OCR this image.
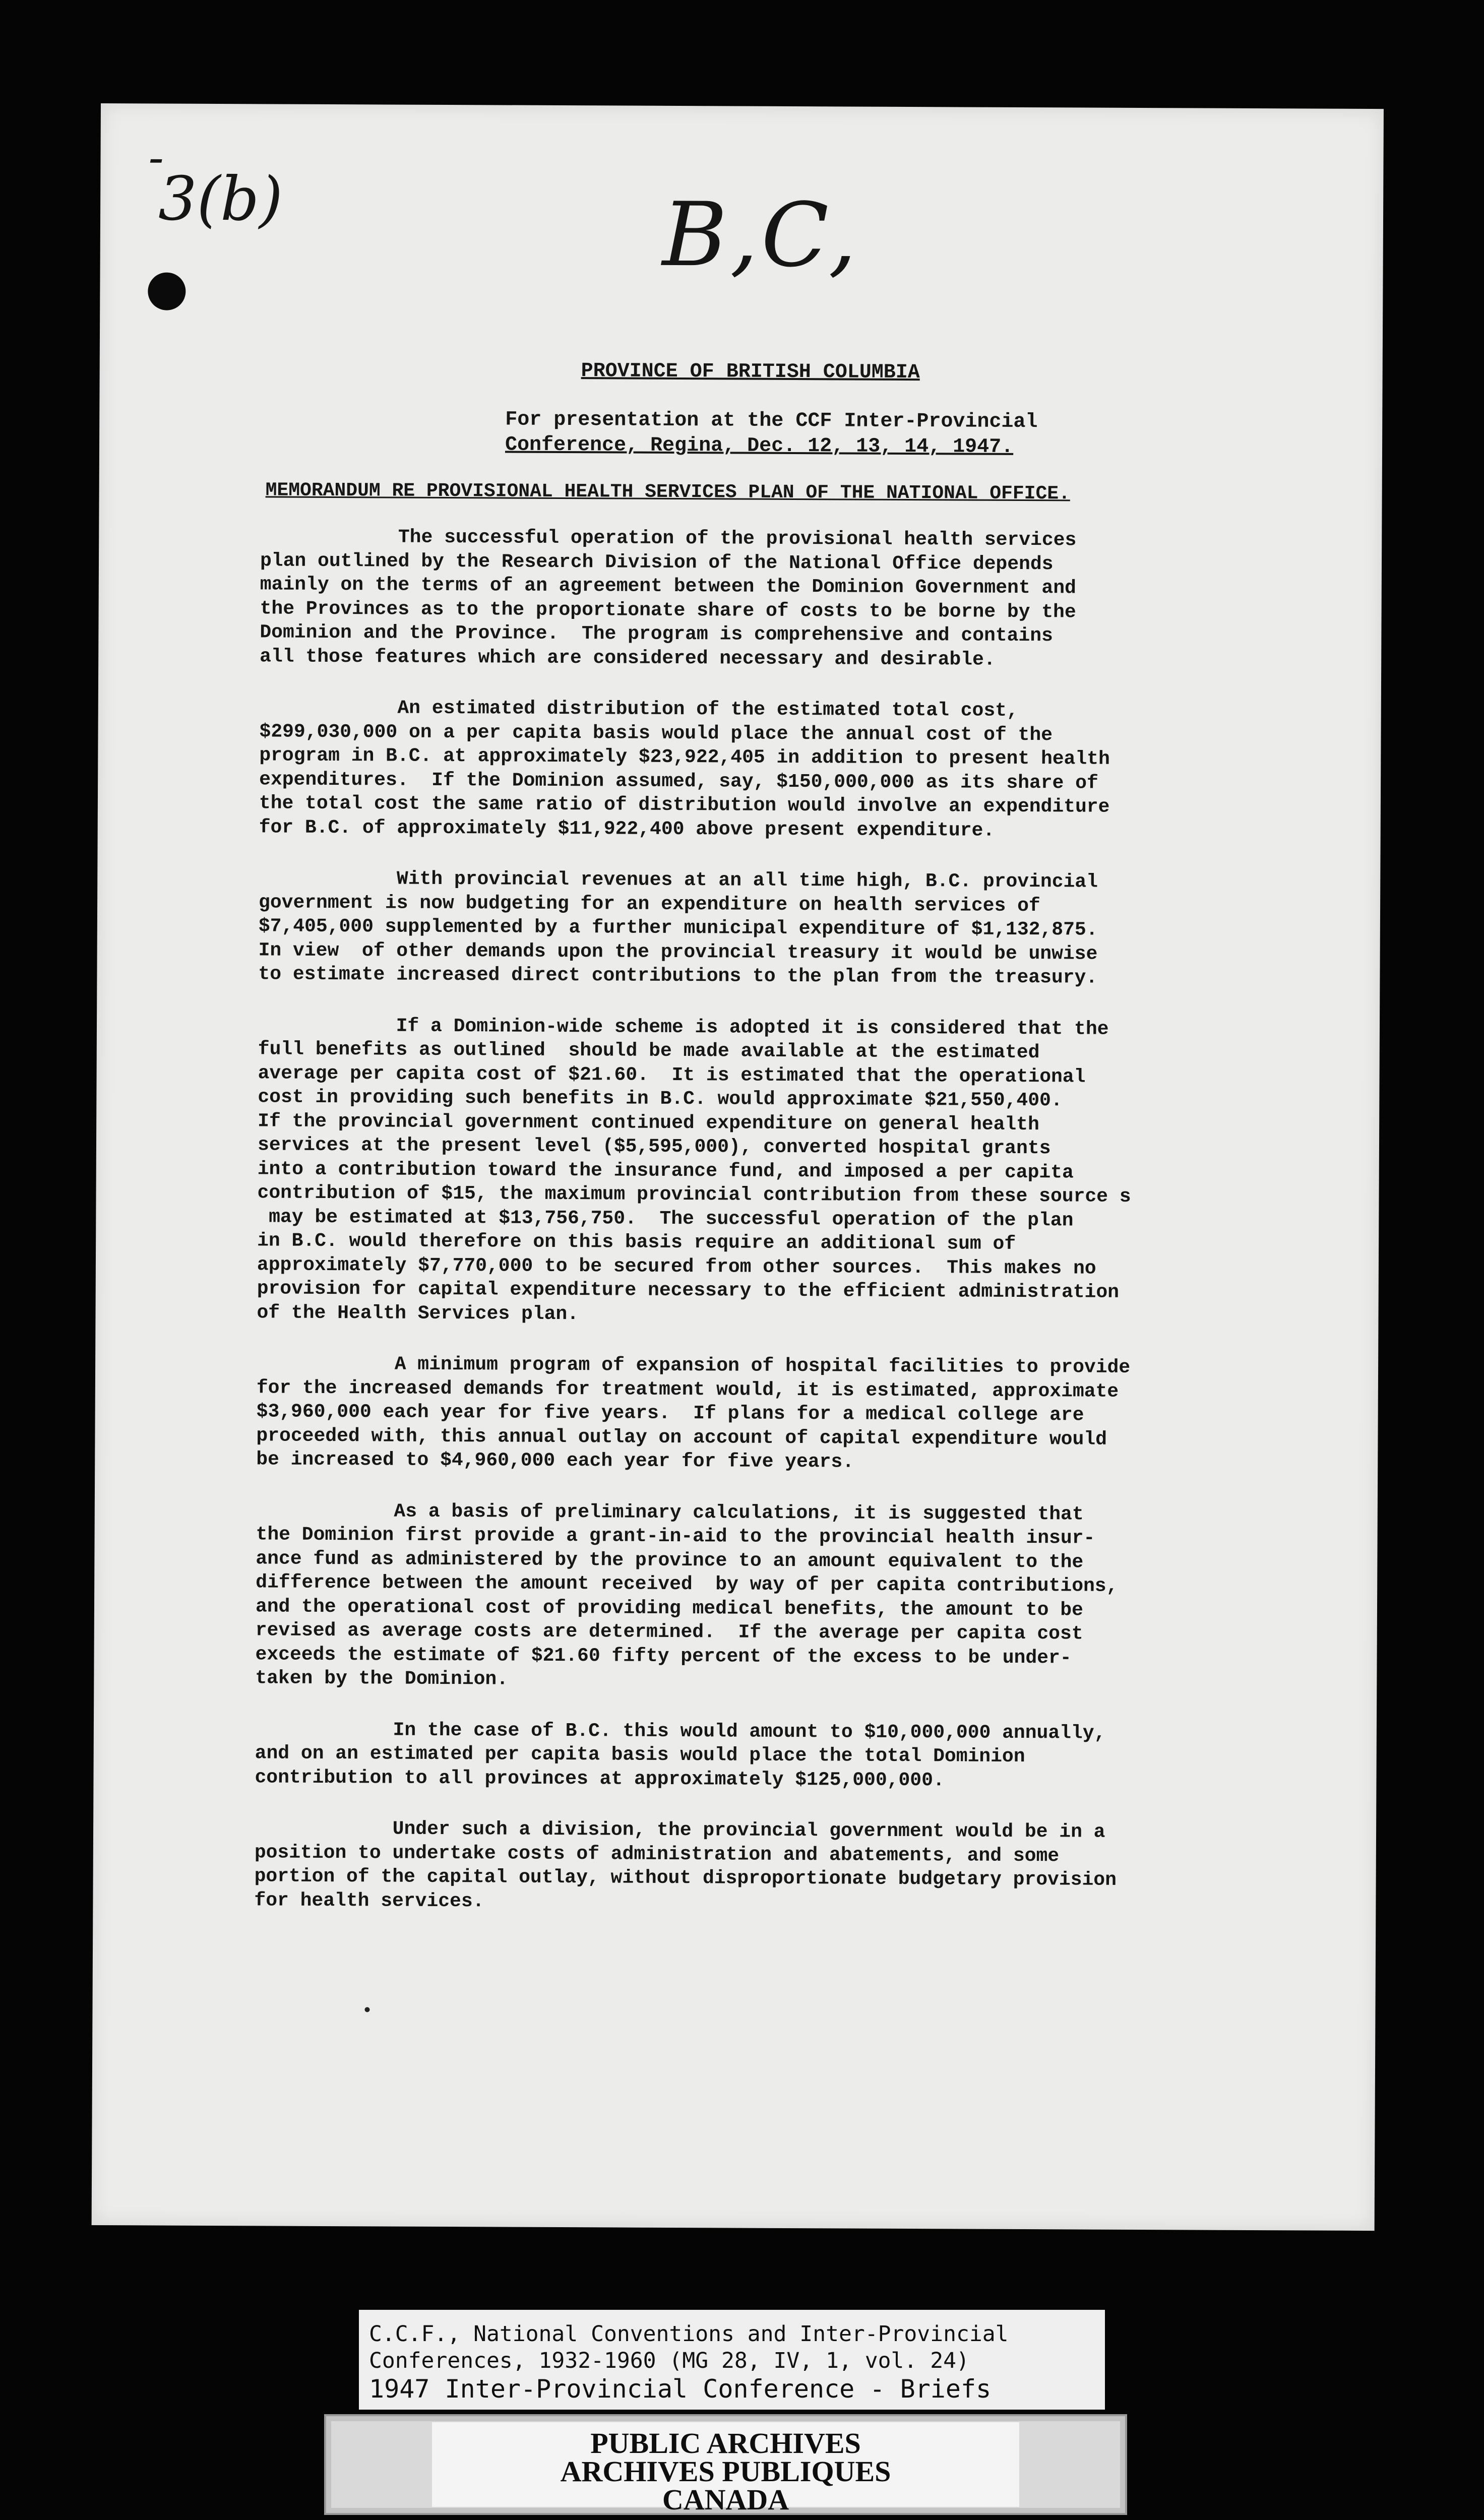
-
3(b)	B,C,
PROVINCE OF BRITISH COLUMBIA
For presentation at the CCF Inter-Provincial
Conference, Regina, Dec. 12, 13, 14, 1947.
MEMORANDUM RE PROVISIONAL HEALTH SERVICES PLAN OF THE NATIONAL OFFICE.
The successful operation of the provisional health services
plan outlined by the Research Division of the National Office depends
mainly on the terms of an agreement between the Dominion Government and
the Provinces as to the proportionate share of costs to be borne by the
Dominion and the Province.  The program is comprehensive and contains
all those features which are considered necessary and desirable.
An estimated distribution of the estimated total cost,
$299,030,000 on a per capita basis would place the annual cost of the
program in B.C. at approximately $23,922,405 in addition to present health
expenditures.  If the Dominion assumed, say, $150,000,000 as its share of
the total cost the same ratio of distribution would involve an expenditure
for B.C. of approximately $11,922,400 above present expenditure.
With provincial revenues at an all time high, B.C. provincial
government is now budgeting for an expenditure on health services of
$7,405,000 supplemented by a further municipal expenditure of $1,132,875.
In view  of other demands upon the provincial treasury it would be unwise
to estimate increased direct contributions to the plan from the treasury.
If a Dominion-wide scheme is adopted it is considered that the
full benefits as outlined  should be made available at the estimated
average per capita cost of $21.60.  It is estimated that the operational
cost in providing such benefits in B.C. would approximate $21,550,400.
If the provincial government continued expenditure on general health
services at the present level ($5,595,000), converted hospital grants
into a contribution toward the insurance fund, and imposed a per capita
contribution of $15, the maximum provincial contribution from these source s
may be estimated at $13,756,750.  The successful operation of the plan
in B.C. would therefore on this basis require an additional sum of
approximately $7,770,000 to be secured from other sources.  This makes no
provision for capital expenditure necessary to the efficient administration
of the Health Services plan.
A minimum program of expansion of hospital facilities to provide
for the increased demands for treatment would, it is estimated, approximate
$3,960,000 each year for five years.  If plans for a medical college are
proceeded with, this annual outlay on account of capital expenditure would
be increased to $4,960,000 each year for five years.
As a basis of preliminary calculations, it is suggested that
the Dominion first provide a grant-in-aid to the provincial health insur-
ance fund as administered by the province to an amount equivalent to the
difference between the amount received  by way of per capita contributions,
and the operational cost of providing medical benefits, the amount to be
revised as average costs are determined.  If the average per capita cost
exceeds the estimate of $21.60 fifty percent of the excess to be under-
taken by the Dominion.
In the case of B.C. this would amount to $10,000,000 annually,
and on an estimated per capita basis would place the total Dominion
contribution to all provinces at approximately $125,000,000.
Under such a division, the provincial government would be in a
position to undertake costs of administration and abatements, and some
portion of the capital outlay, without disproportionate budgetary provision
for health services.
C.C.F., National Conventions and Inter-Provincial
Conferences, 1932-1960 (MG 28, IV, 1, vol. 24)
1947 Inter-Provincial Conference - Briefs
PUBLIC ARCHIVES
ARCHIVES PUBLIQUES
CANADA
